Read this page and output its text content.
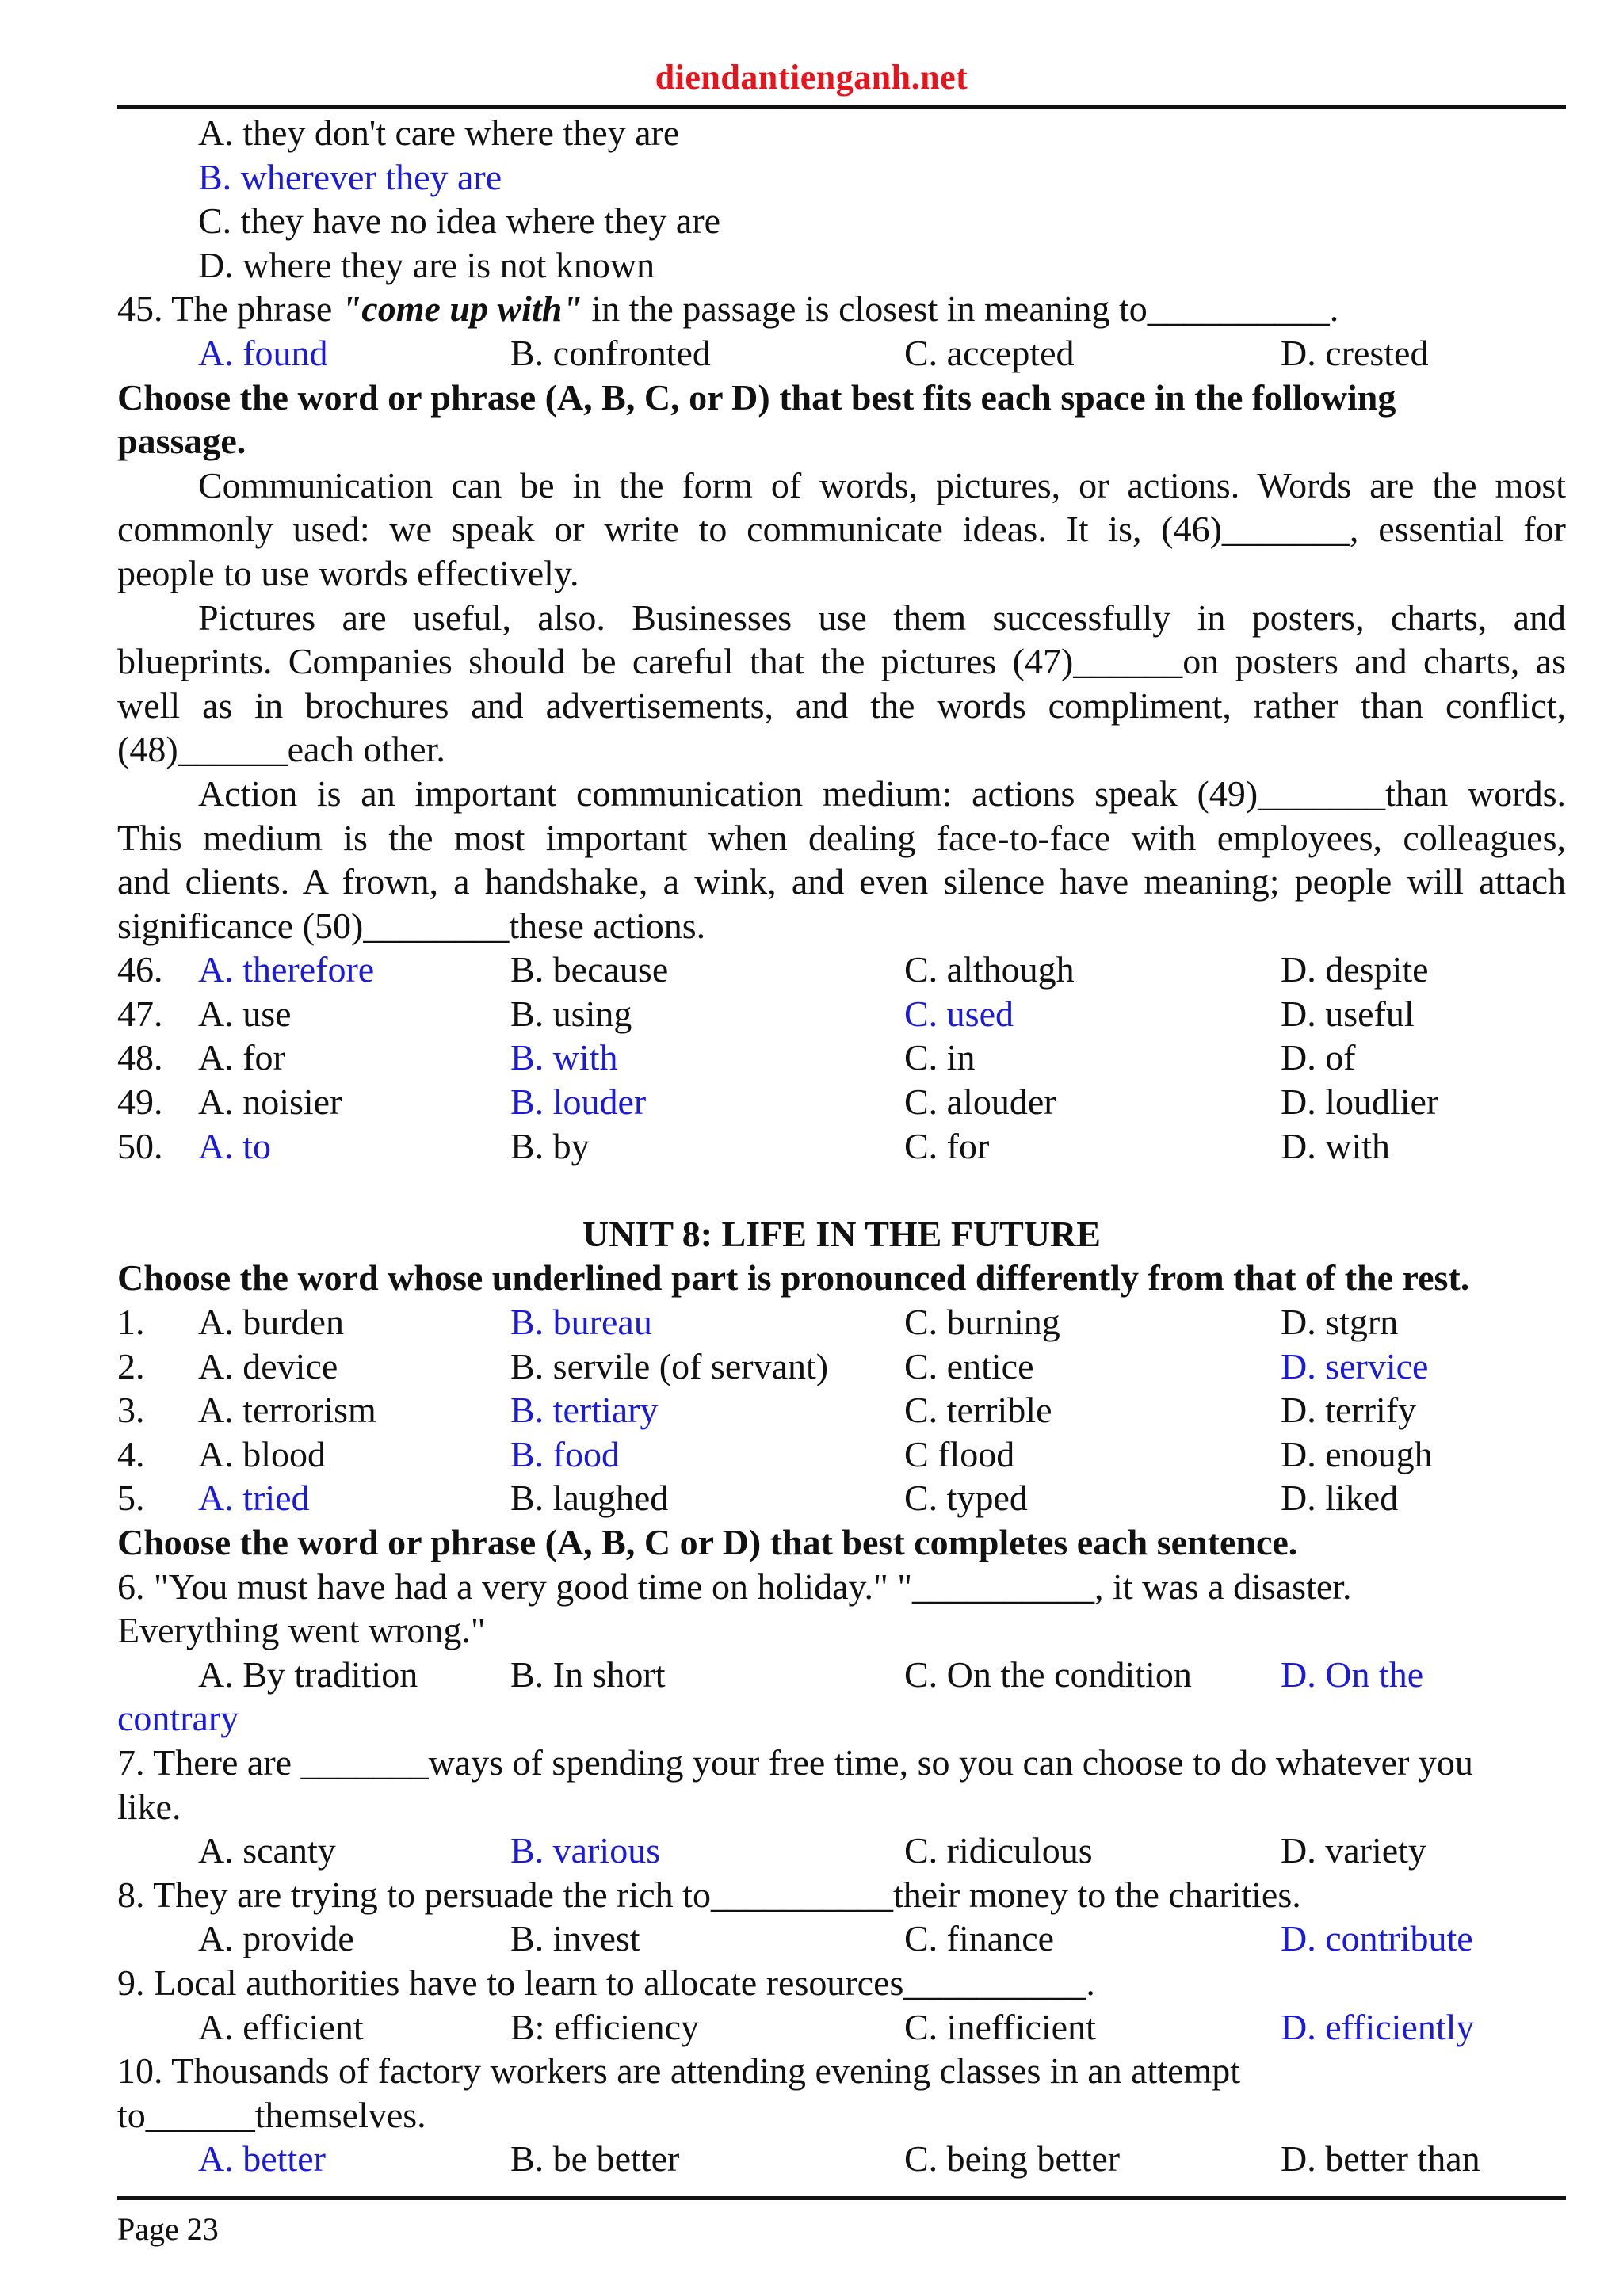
diendantienganh.net
A. they don't care where they are
B. wherever they are
C. they have no idea where they are
D. where they are is not known
45. The phrase "come up with" in the passage is closest in meaning to__________.
A. found	B. confronted	C. accepted	D. crested
Choose the word or phrase (A, B, C, or D) that best fits each space in the following
passage.
Communication can be in the form of words, pictures, or actions. Words are the most
commonly used: we speak or write to communicate ideas. It is, (46)_______, essential for
people to use words effectively.
Pictures are useful, also. Businesses use them successfully in posters, charts, and
blueprints. Companies should be careful that the pictures (47)______on posters and charts, as
well as in brochures and advertisements, and the words compliment, rather than conflict,
(48)______each other.
Action is an important communication medium: actions speak (49)_______than words.
This medium is the most important when dealing face-to-face with employees, colleagues,
and clients. A frown, a handshake, a wink, and even silence have meaning; people will attach
significance (50)________these actions.
46. A. therefore	B. because	C. although	D. despite
47. A. use	B. using	C. used	D. useful
48. A. for	B. with	C. in	D. of
49. A. noisier	B. louder	C. alouder	D. loudlier
50. A. to	B. by	C. for	D. with
UNIT 8: LIFE IN THE FUTURE
Choose the word whose underlined part is pronounced differently from that of the rest.
1. A. burden	B. bureau	C. burning	D. stgrn
2. A. device	B. servile (of servant) C. entice	D. service
3. A. terrorism	B. tertiary	C. terrible	D. terrify
4. A. blood	B. food	C flood	D. enough
5. A. tried	B. laughed	C. typed	D. liked
Choose the word or phrase (A, B, C or D) that best completes each sentence.
6. "You must have had a very good time on holiday." "__________, it was a disaster.
Everything went wrong."
A. By tradition	B. In short	C. On the condition D. On the
contrary
7. There are _______ways of spending your free time, so you can choose to do whatever you
like.
A. scanty	B. various	C. ridiculous	D. variety
8. They are trying to persuade the rich to__________their money to the charities.
A. provide	B. invest	C. finance	D. contribute
9. Local authorities have to learn to allocate resources__________.
A. efficient	B: efficiency	C. inefficient	D. efficiently
10. Thousands of factory workers are attending evening classes in an attempt
to______themselves.
A. better	B. be better	C. being better	D. better than
Page 23
